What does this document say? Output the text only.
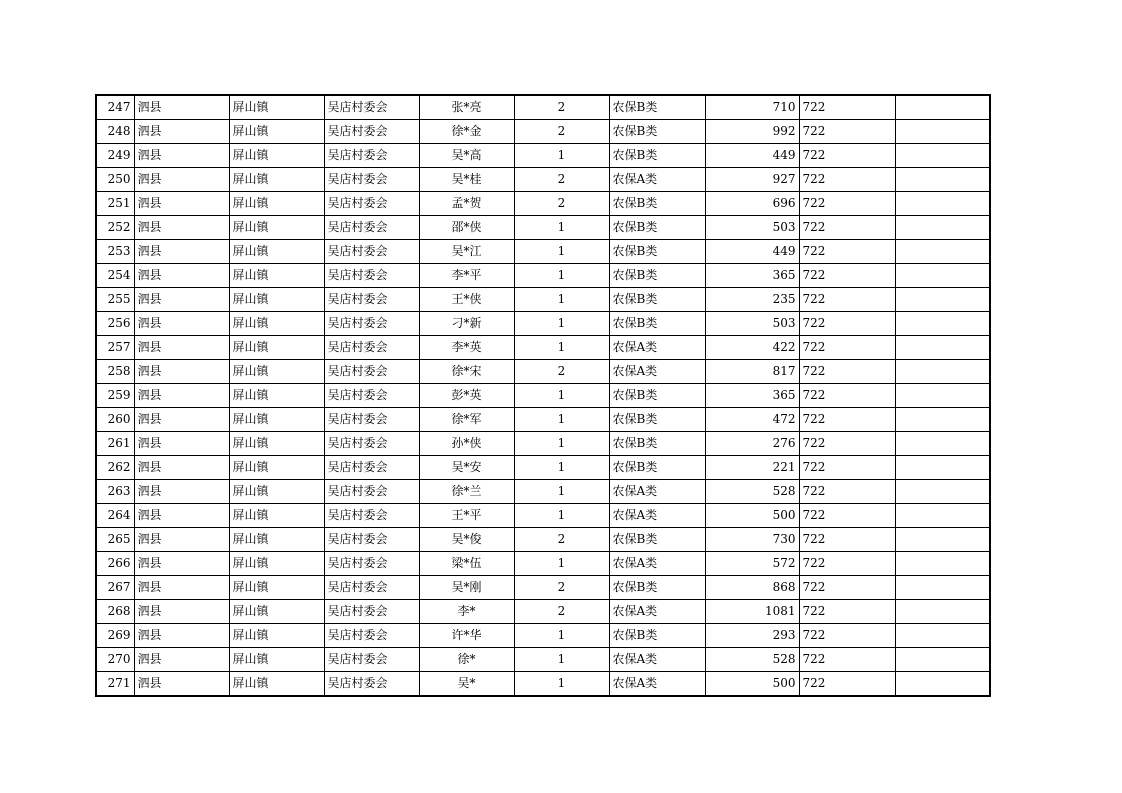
247	泗县	屏山镇	吴店村委会	张*亮	2	农保B类	710	722	
248	泗县	屏山镇	吴店村委会	徐*金	2	农保B类	992	722	
249	泗县	屏山镇	吴店村委会	吴*高	1	农保B类	449	722	
250	泗县	屏山镇	吴店村委会	吴*桂	2	农保A类	927	722	
251	泗县	屏山镇	吴店村委会	孟*贺	2	农保B类	696	722	
252	泗县	屏山镇	吴店村委会	邵*侠	1	农保B类	503	722	
253	泗县	屏山镇	吴店村委会	吴*江	1	农保B类	449	722	
254	泗县	屏山镇	吴店村委会	李*平	1	农保B类	365	722	
255	泗县	屏山镇	吴店村委会	王*侠	1	农保B类	235	722	
256	泗县	屏山镇	吴店村委会	刁*新	1	农保B类	503	722	
257	泗县	屏山镇	吴店村委会	李*英	1	农保A类	422	722	
258	泗县	屏山镇	吴店村委会	徐*宋	2	农保A类	817	722	
259	泗县	屏山镇	吴店村委会	彭*英	1	农保B类	365	722	
260	泗县	屏山镇	吴店村委会	徐*军	1	农保B类	472	722	
261	泗县	屏山镇	吴店村委会	孙*侠	1	农保B类	276	722	
262	泗县	屏山镇	吴店村委会	吴*安	1	农保B类	221	722	
263	泗县	屏山镇	吴店村委会	徐*兰	1	农保A类	528	722	
264	泗县	屏山镇	吴店村委会	王*平	1	农保A类	500	722	
265	泗县	屏山镇	吴店村委会	吴*俊	2	农保B类	730	722	
266	泗县	屏山镇	吴店村委会	梁*伍	1	农保A类	572	722	
267	泗县	屏山镇	吴店村委会	吴*刚	2	农保B类	868	722	
268	泗县	屏山镇	吴店村委会	李*	2	农保A类	1081	722	
269	泗县	屏山镇	吴店村委会	许*华	1	农保B类	293	722	
270	泗县	屏山镇	吴店村委会	徐*	1	农保A类	528	722	
271	泗县	屏山镇	吴店村委会	吴*	1	农保A类	500	722	
